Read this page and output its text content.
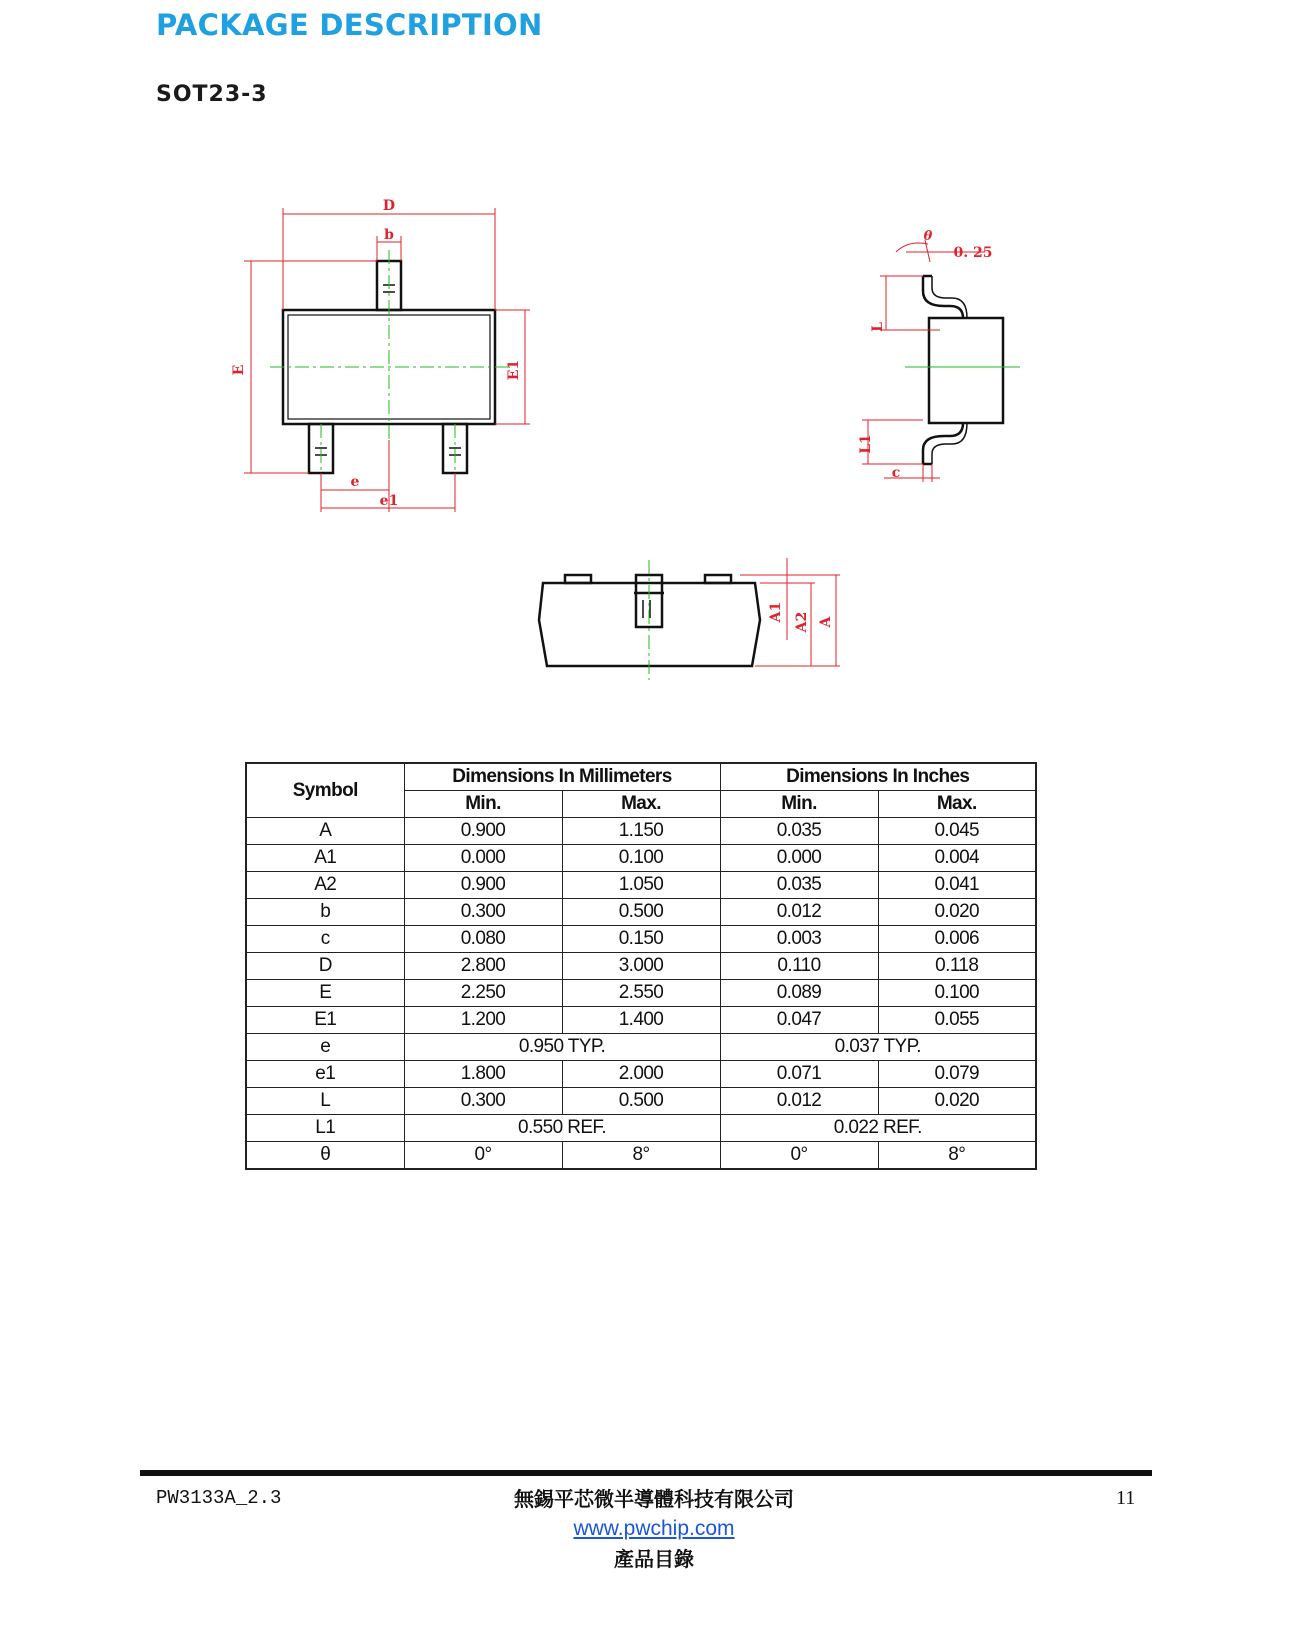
PACKAGE DESCRIPTION
SOT23-3
D
b
E	E1
e
e1
θ
0. 25
L
L1
c
A1 A2 A
Symbol	Dimensions In Millimeters		Dimensions In Inches	
	Min.	Max.	Min.	Max.
A	0.900	1.150	0.035	0.045
A1	0.000	0.100	0.000	0.004
A2	0.900	1.050	0.035	0.041
b	0.300	0.500	0.012	0.020
c	0.080	0.150	0.003	0.006
D	2.800	3.000	0.110	0.118
E	2.250	2.550	0.089	0.100
E1	1.200	1.400	0.047	0.055
e	0.950 TYP.		0.037 TYP.	
e1	1.800	2.000	0.071	0.079
L	0.300	0.500	0.012	0.020
L1	0.550 REF.		0.022 REF.	
θ	0°	8°	0°	8°
PW3133A_2.3	無錫平芯微半導體科技有限公司
www.pwchip.com
產品目錄
11
